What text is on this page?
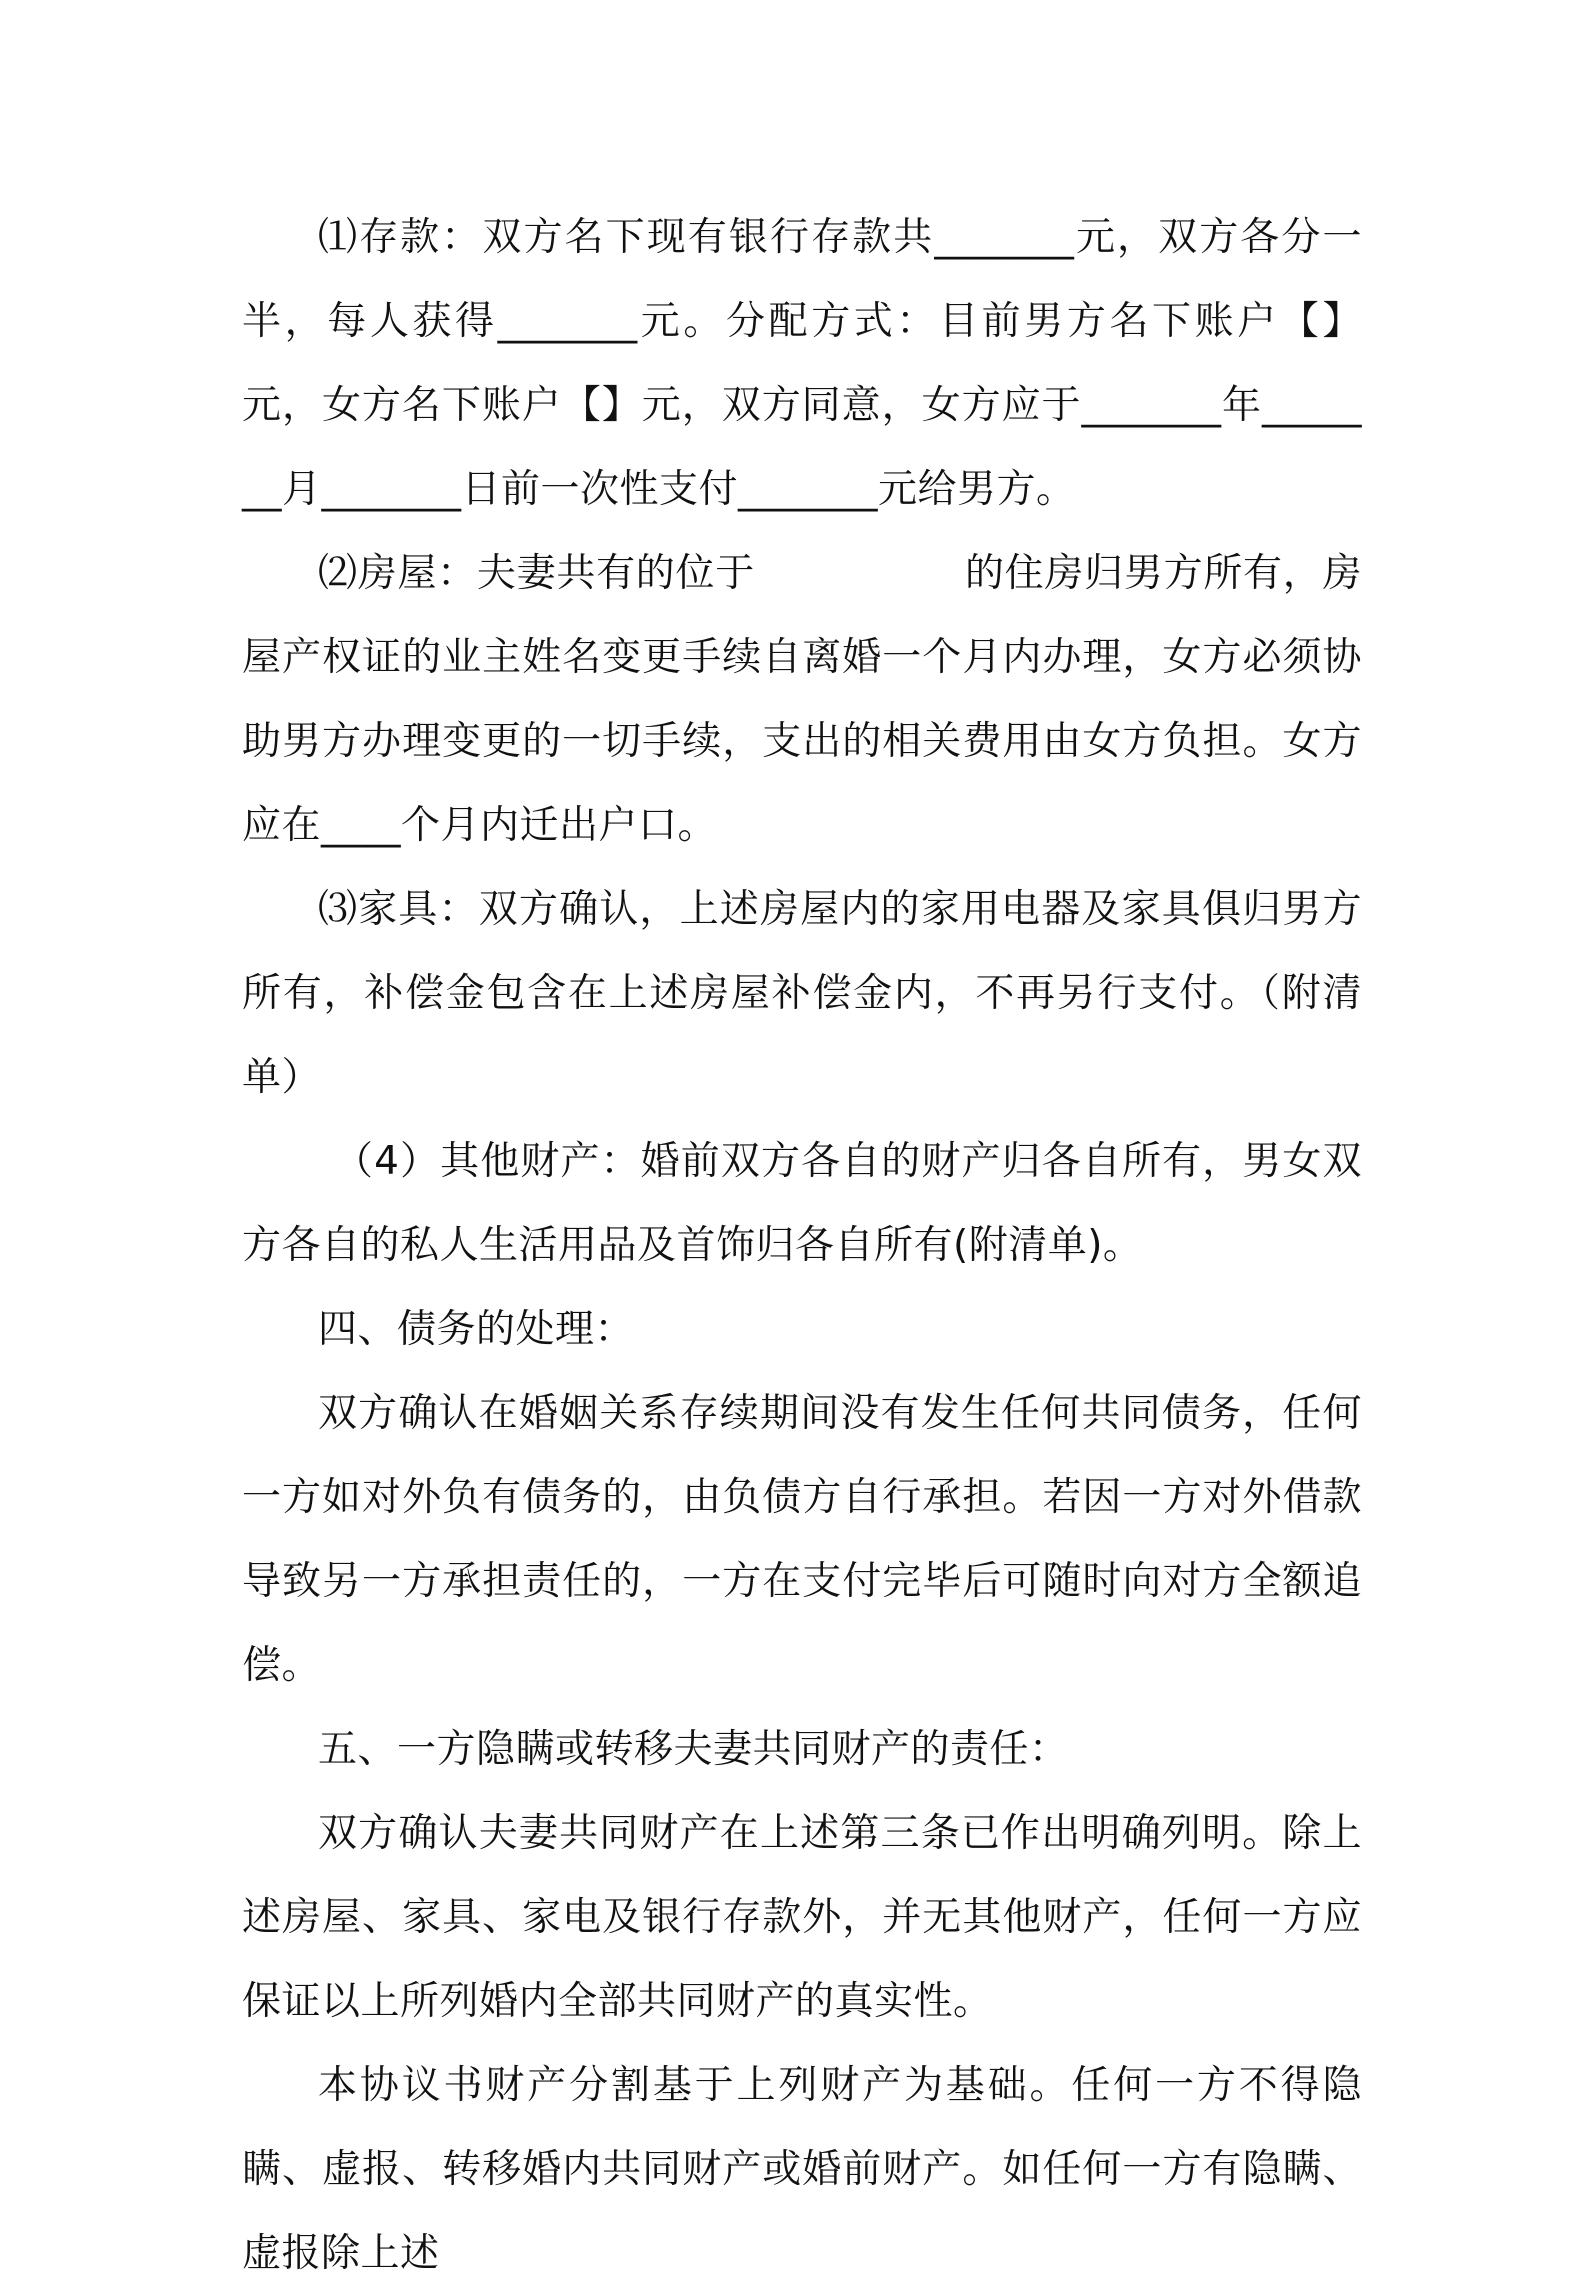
⑴存款：双方名下现有银行存款共_______元，双方各分一半，每人获得_______元。分配方式：目前男方名下账户【】元，女方名下账户【】元，双方同意，女方应于_______年_______月_______日前一次性支付_______元给男方。

⑵房屋：夫妻共有的位于                的住房归男方所有，房屋产权证的业主姓名变更手续自离婚一个月内办理，女方必须协助男方办理变更的一切手续，支出的相关费用由女方负担。女方应在____个月内迁出户口。

⑶家具：双方确认，上述房屋内的家用电器及家具俱归男方所有，补偿金包含在上述房屋补偿金内，不再另行支付。（附清单）

（4）其他财产：婚前双方各自的财产归各自所有，男女双方各自的私人生活用品及首饰归各自所有(附清单)。

四、债务的处理：

双方确认在婚姻关系存续期间没有发生任何共同债务，任何一方如对外负有债务的，由负债方自行承担。若因一方对外借款导致另一方承担责任的，一方在支付完毕后可随时向对方全额追偿。

五、一方隐瞒或转移夫妻共同财产的责任：

双方确认夫妻共同财产在上述第三条已作出明确列明。除上述房屋、家具、家电及银行存款外，并无其他财产，任何一方应保证以上所列婚内全部共同财产的真实性。

本协议书财产分割基于上列财产为基础。任何一方不得隐瞒、虚报、转移婚内共同财产或婚前财产。如任何一方有隐瞒、虚报除上述
